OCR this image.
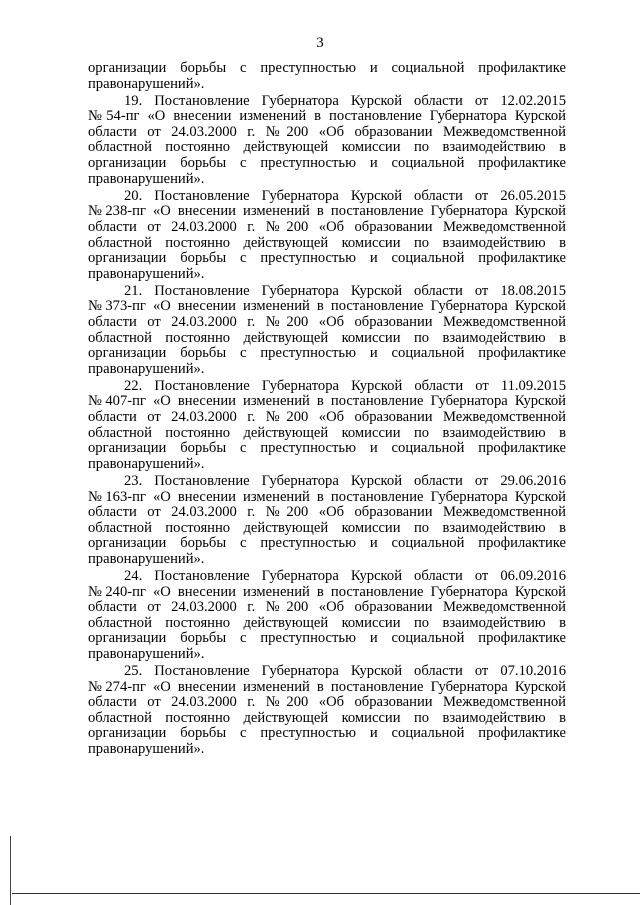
3
организации борьбы с преступностью и социальной профилактике
правонарушений».
19. Постановление Губернатора Курской области от 12.02.2015
№54-пг «О внесении изменений в постановление Губернатора Курской
области от 24.03.2000 г. №200 «Об образовании Межведомственной
областной постоянно действующей комиссии по взаимодействию в
организации борьбы с преступностью и социальной профилактике
правонарушений».
20. Постановление Губернатора Курской области от 26.05.2015
№238-пг «О внесении изменений в постановление Губернатора Курской
области от 24.03.2000 г. №200 «Об образовании Межведомственной
областной постоянно действующей комиссии по взаимодействию в
организации борьбы с преступностью и социальной профилактике
правонарушений».
21. Постановление Губернатора Курской области от 18.08.2015
№373-пг «О внесении изменений в постановление Губернатора Курской
области от 24.03.2000 г. №200 «Об образовании Межведомственной
областной постоянно действующей комиссии по взаимодействию в
организации борьбы с преступностью и социальной профилактике
правонарушений».
22. Постановление Губернатора Курской области от 11.09.2015
№407-пг «О внесении изменений в постановление Губернатора Курской
области от 24.03.2000 г. №200 «Об образовании Межведомственной
областной постоянно действующей комиссии по взаимодействию в
организации борьбы с преступностью и социальной профилактике
правонарушений».
23. Постановление Губернатора Курской области от 29.06.2016
№163-пг «О внесении изменений в постановление Губернатора Курской
области от 24.03.2000 г. №200 «Об образовании Межведомственной
областной постоянно действующей комиссии по взаимодействию в
организации борьбы с преступностью и социальной профилактике
правонарушений».
24. Постановление Губернатора Курской области от 06.09.2016
№240-пг «О внесении изменений в постановление Губернатора Курской
области от 24.03.2000 г. №200 «Об образовании Межведомственной
областной постоянно действующей комиссии по взаимодействию в
организации борьбы с преступностью и социальной профилактике
правонарушений».
25. Постановление Губернатора Курской области от 07.10.2016
№274-пг «О внесении изменений в постановление Губернатора Курской
области от 24.03.2000 г. №200 «Об образовании Межведомственной
областной постоянно действующей комиссии по взаимодействию в
организации борьбы с преступностью и социальной профилактике
правонарушений».
